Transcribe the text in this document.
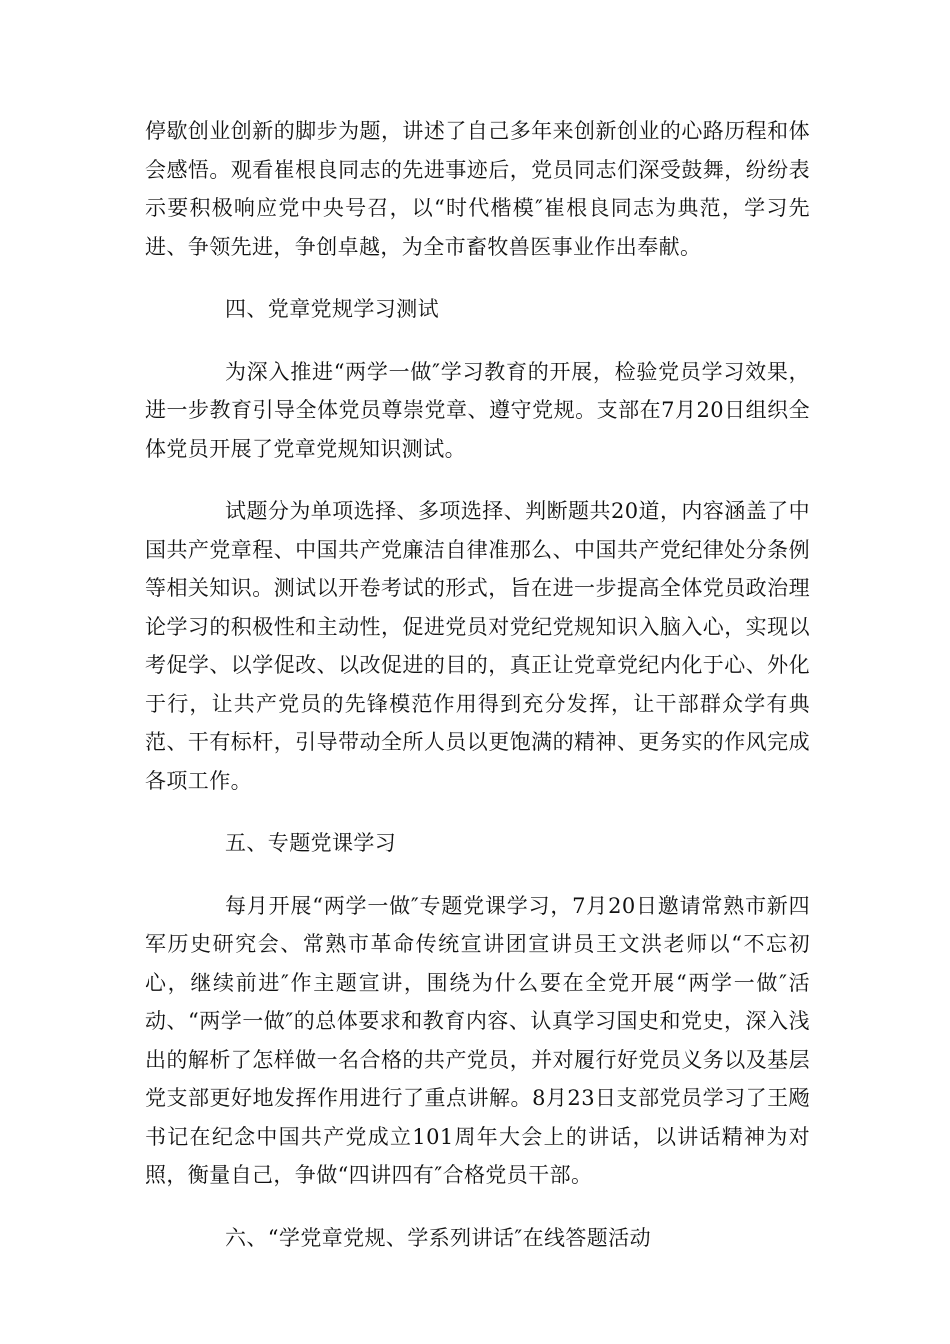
停歇创业创新的脚步为题，讲述了自己多年来创新创业的心路历程和体会感悟。观看崔根良同志的先进事迹后，党员同志们深受鼓舞，纷纷表示要积极响应党中央号召，以“时代楷模″崔根良同志为典范，学习先进、争领先进，争创卓越，为全市畜牧兽医事业作出奉献。

四、党章党规学习测试

为深入推进“两学一做″学习教育的开展，检验党员学习效果，进一步教育引导全体党员尊崇党章、遵守党规。支部在7月20日组织全体党员开展了党章党规知识测试。

试题分为单项选择、多项选择、判断题共20道，内容涵盖了中国共产党章程、中国共产党廉洁自律准那么、中国共产党纪律处分条例等相关知识。测试以开卷考试的形式，旨在进一步提高全体党员政治理论学习的积极性和主动性，促进党员对党纪党规知识入脑入心，实现以考促学、以学促改、以改促进的目的，真正让党章党纪内化于心、外化于行，让共产党员的先锋模范作用得到充分发挥，让干部群众学有典范、干有标杆，引导带动全所人员以更饱满的精神、更务实的作风完成各项工作。

五、专题党课学习

每月开展“两学一做″专题党课学习，7月20日邀请常熟市新四军历史研究会、常熟市革命传统宣讲团宣讲员王文洪老师以“不忘初心，继续前进″作主题宣讲，围绕为什么要在全党开展“两学一做″活动、“两学一做″的总体要求和教育内容、认真学习国史和党史，深入浅出的解析了怎样做一名合格的共产党员，并对履行好党员义务以及基层党支部更好地发挥作用进行了重点讲解。8月23日支部党员学习了王飏书记在纪念中国共产党成立101周年大会上的讲话，以讲话精神为对照，衡量自己，争做“四讲四有″合格党员干部。

六、“学党章党规、学系列讲话″在线答题活动
